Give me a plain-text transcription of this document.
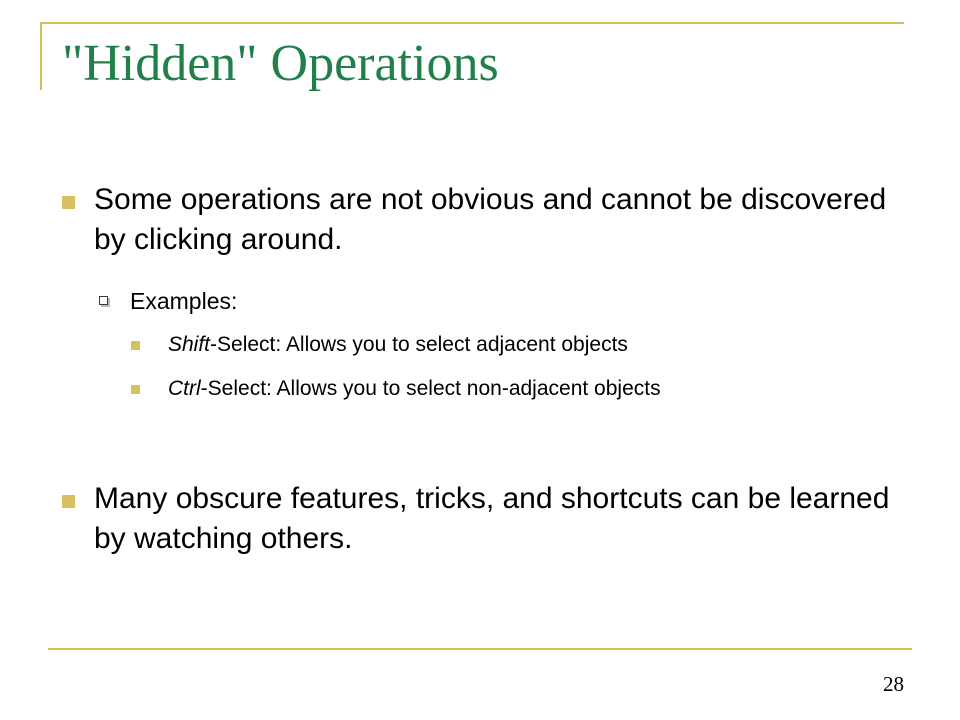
"Hidden" Operations
Some operations are not obvious and cannot be discovered by clicking around.
Examples:
Shift-Select: Allows you to select adjacent objects
Ctrl-Select: Allows you to select non-adjacent objects
Many obscure features, tricks, and shortcuts can be learned by watching others.
28
